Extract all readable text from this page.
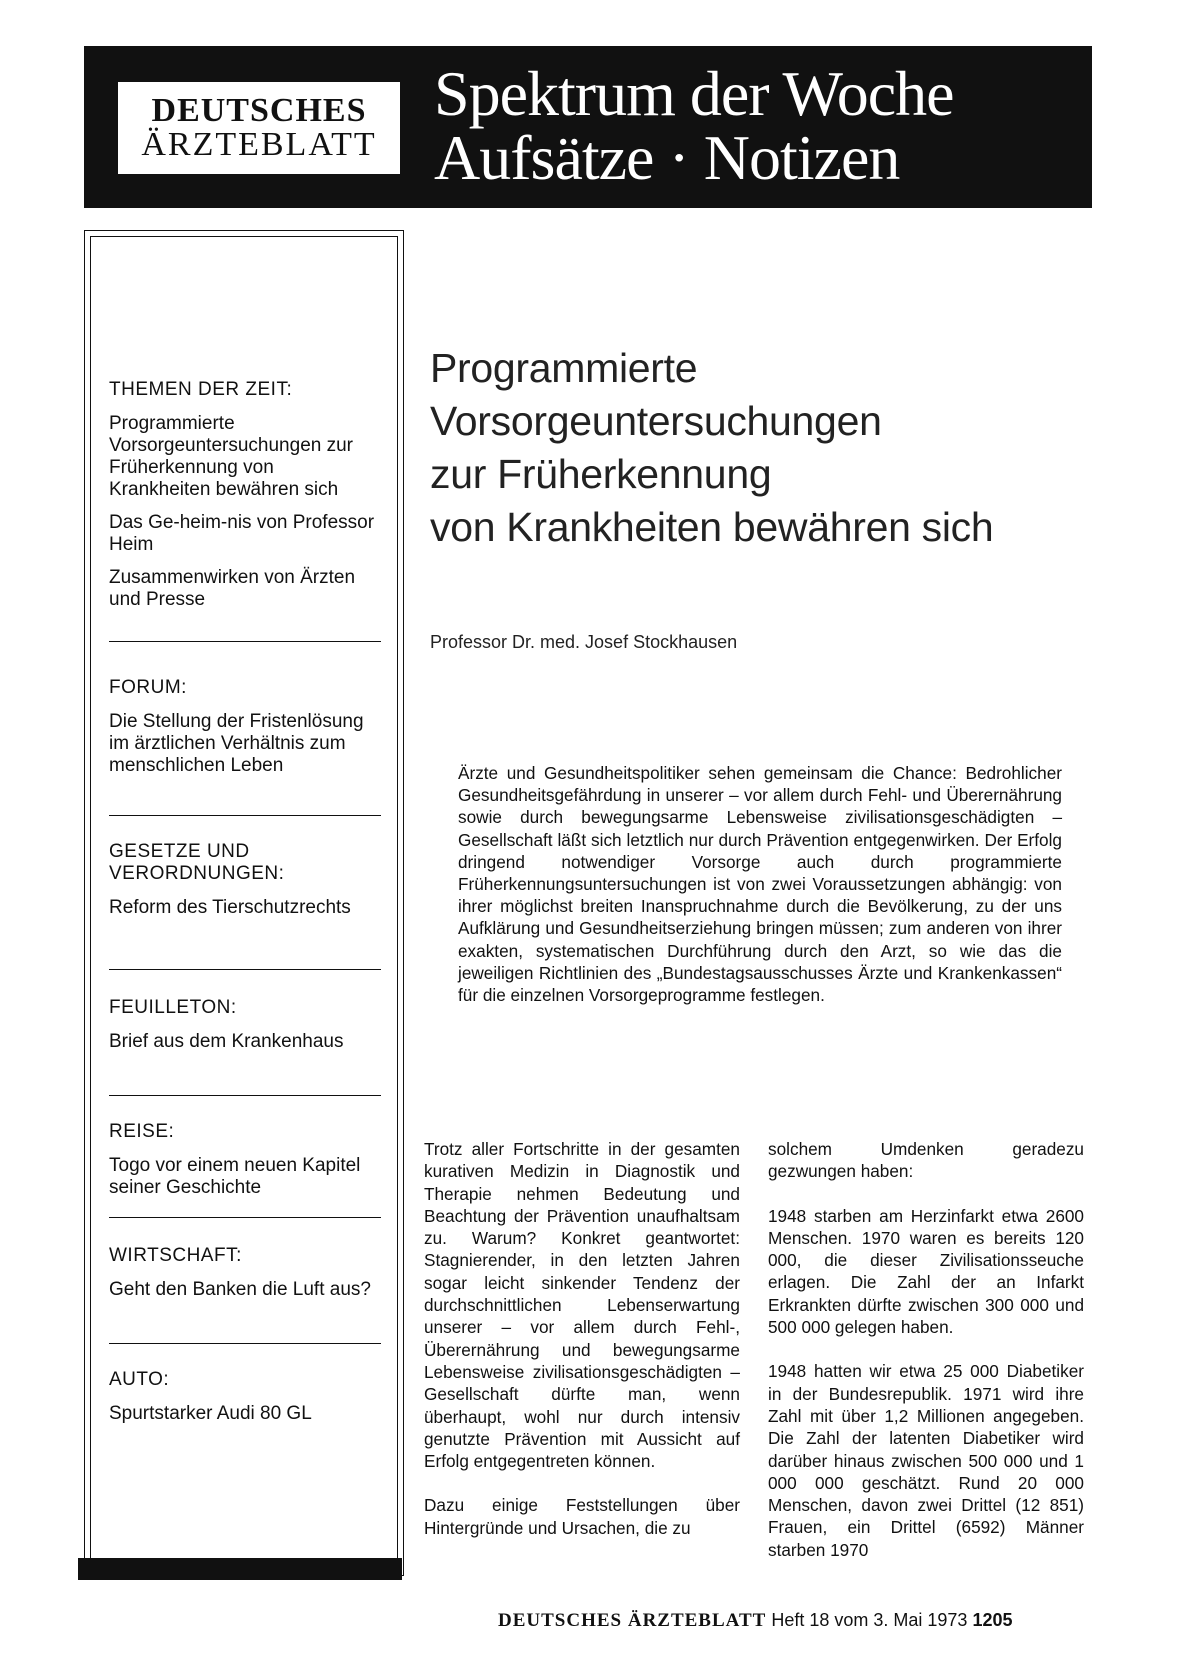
DEUTSCHES
ÄRZTEBLATT
Spektrum der Woche
Aufsätze · Notizen
THEMEN DER ZEIT:
Programmierte Vorsorgeuntersuchungen zur Früherkennung von Krankheiten bewähren sich
Das Ge-heim-nis von Professor Heim
Zusammenwirken von Ärzten und Presse
FORUM:
Die Stellung der Fristenlösung im ärztlichen Verhältnis zum menschlichen Leben
GESETZE UND VERORDNUNGEN:
Reform des Tierschutzrechts
FEUILLETON:
Brief aus dem Krankenhaus
REISE:
Togo vor einem neuen Kapitel seiner Geschichte
WIRTSCHAFT:
Geht den Banken die Luft aus?
AUTO:
Spurtstarker Audi 80 GL
Programmierte
Vorsorgeuntersuchungen
zur Früherkennung
von Krankheiten bewähren sich
Professor Dr. med. Josef Stockhausen
Ärzte und Gesundheitspolitiker sehen gemeinsam die Chance: Bedrohlicher Gesundheitsgefährdung in unserer – vor allem durch Fehl- und Überernährung sowie durch bewegungsarme Lebensweise zivilisationsgeschädigten – Gesellschaft läßt sich letztlich nur durch Prävention entgegenwirken. Der Erfolg dringend notwendiger Vorsorge auch durch programmierte Früherkennungsuntersuchungen ist von zwei Voraussetzungen abhängig: von ihrer möglichst breiten Inanspruchnahme durch die Bevölkerung, zu der uns Aufklärung und Gesundheitserziehung bringen müssen; zum anderen von ihrer exakten, systematischen Durchführung durch den Arzt, so wie das die jeweiligen Richtlinien des „Bundestagsausschusses Ärzte und Krankenkassen“ für die einzelnen Vorsorgeprogramme festlegen.

Trotz aller Fortschritte in der gesamten kurativen Medizin in Diagnostik und Therapie nehmen Bedeutung und Beachtung der Prävention unaufhaltsam zu. Warum? Konkret geantwortet: Stagnierender, in den letzten Jahren sogar leicht sinkender Tendenz der durchschnittlichen Lebenserwartung unserer – vor allem durch Fehl-, Überernährung und bewegungsarme Lebensweise zivilisationsgeschädigten – Gesellschaft dürfte man, wenn überhaupt, wohl nur durch intensiv genutzte Prävention mit Aussicht auf Erfolg entgegentreten können.

Dazu einige Feststellungen über Hintergründe und Ursachen, die zu

solchem Umdenken geradezu gezwungen haben:

1948 starben am Herzinfarkt etwa 2600 Menschen. 1970 waren es bereits 120 000, die dieser Zivilisationsseuche erlagen. Die Zahl der an Infarkt Erkrankten dürfte zwischen 300 000 und 500 000 gelegen haben.

1948 hatten wir etwa 25 000 Diabetiker in der Bundesrepublik. 1971 wird ihre Zahl mit über 1,2 Millionen angegeben. Die Zahl der latenten Diabetiker wird darüber hinaus zwischen 500 000 und 1 000 000 geschätzt. Rund 20 000 Menschen, davon zwei Drittel (12 851) Frauen, ein Drittel (6592) Männer starben 1970

DEUTSCHES ÄRZTEBLATT Heft 18 vom 3. Mai 1973 1205
